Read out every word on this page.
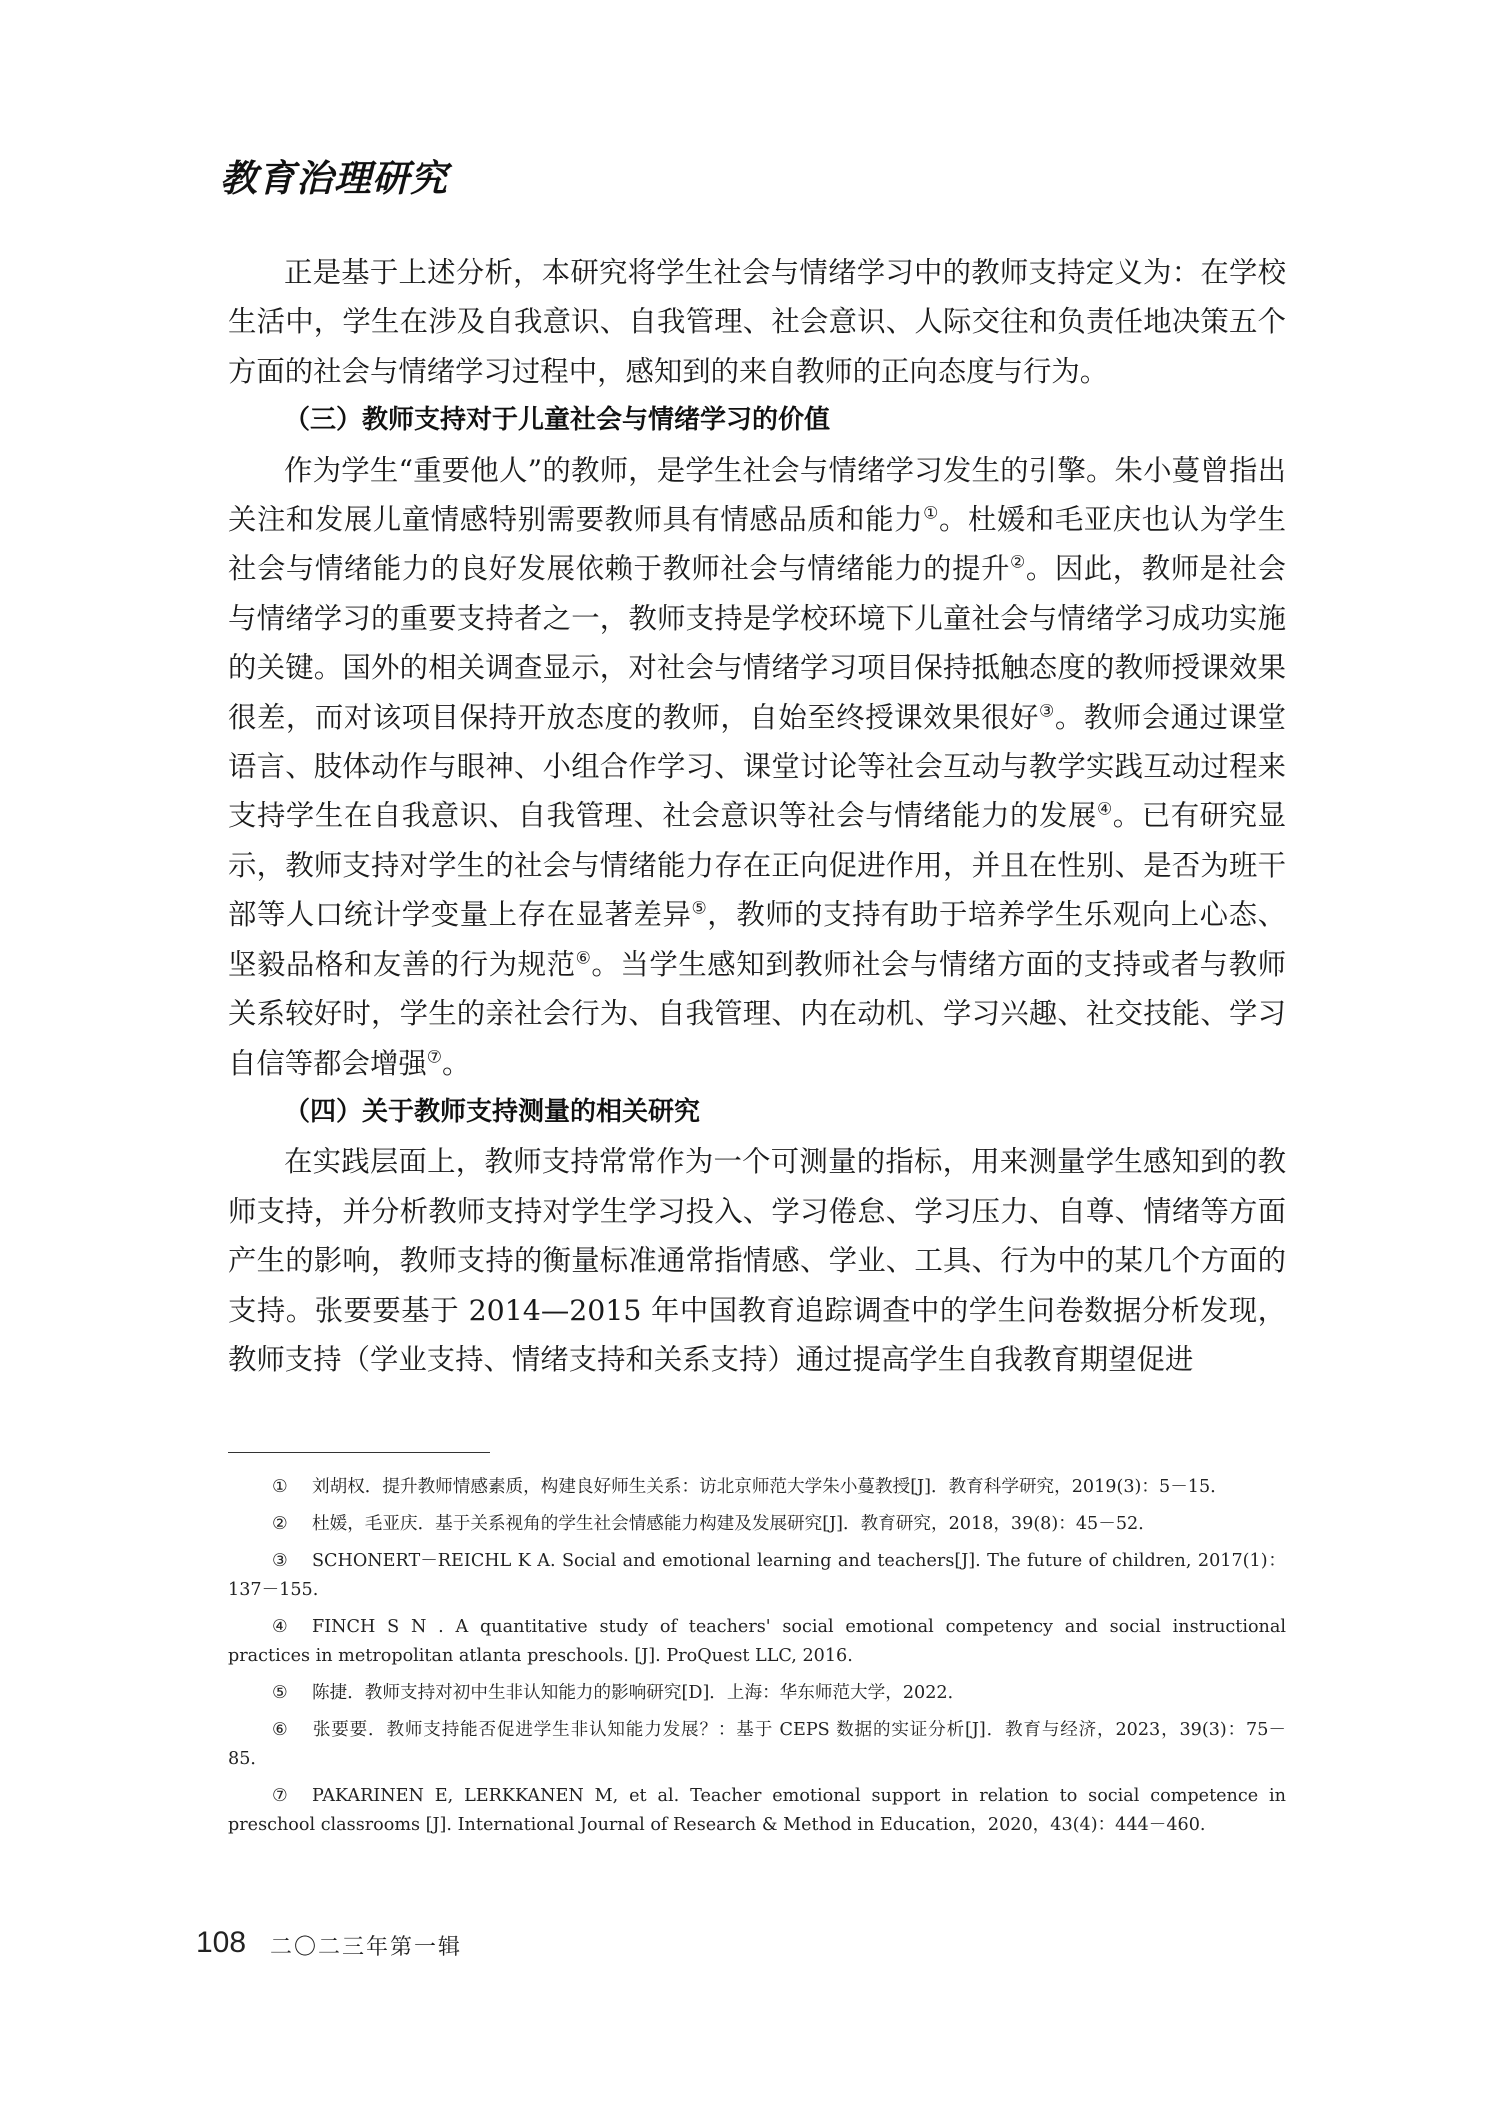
教育治理研究

正是基于上述分析，本研究将学生社会与情绪学习中的教师支持定义为：在学校生活中，学生在涉及自我意识、自我管理、社会意识、人际交往和负责任地决策五个方面的社会与情绪学习过程中，感知到的来自教师的正向态度与行为。

（三）教师支持对于儿童社会与情绪学习的价值

作为学生“重要他人”的教师，是学生社会与情绪学习发生的引擎。朱小蔓曾指出关注和发展儿童情感特别需要教师具有情感品质和能力①。杜媛和毛亚庆也认为学生社会与情绪能力的良好发展依赖于教师社会与情绪能力的提升②。因此，教师是社会与情绪学习的重要支持者之一，教师支持是学校环境下儿童社会与情绪学习成功实施的关键。国外的相关调查显示，对社会与情绪学习项目保持抵触态度的教师授课效果很差，而对该项目保持开放态度的教师，自始至终授课效果很好③。教师会通过课堂语言、肢体动作与眼神、小组合作学习、课堂讨论等社会互动与教学实践互动过程来支持学生在自我意识、自我管理、社会意识等社会与情绪能力的发展④。已有研究显示，教师支持对学生的社会与情绪能力存在正向促进作用，并且在性别、是否为班干部等人口统计学变量上存在显著差异⑤，教师的支持有助于培养学生乐观向上心态、坚毅品格和友善的行为规范⑥。当学生感知到教师社会与情绪方面的支持或者与教师关系较好时，学生的亲社会行为、自我管理、内在动机、学习兴趣、社交技能、学习自信等都会增强⑦。

（四）关于教师支持测量的相关研究

在实践层面上，教师支持常常作为一个可测量的指标，用来测量学生感知到的教师支持，并分析教师支持对学生学习投入、学习倦怠、学习压力、自尊、情绪等方面产生的影响，教师支持的衡量标准通常指情感、学业、工具、行为中的某几个方面的支持。张要要基于 2014—2015 年中国教育追踪调查中的学生问卷数据分析发现，教师支持（学业支持、情绪支持和关系支持）通过提高学生自我教育期望促进

① 刘胡权．提升教师情感素质，构建良好师生关系：访北京师范大学朱小蔓教授[J]．教育科学研究，2019(3)：5－15．

② 杜媛，毛亚庆．基于关系视角的学生社会情感能力构建及发展研究[J]．教育研究，2018，39(8)：45－52．

③ SCHONERT－REICHL K A. Social and emotional learning and teachers[J]. The future of children, 2017(1)：137－155.

④ FINCH S N . A quantitative study of teachers' social emotional competency and social instructional practices in metropolitan atlanta preschools. [J]. ProQuest LLC, 2016.

⑤ 陈捷．教师支持对初中生非认知能力的影响研究[D]．上海：华东师范大学，2022．

⑥ 张要要．教师支持能否促进学生非认知能力发展？：基于 CEPS 数据的实证分析[J]．教育与经济，2023，39(3)：75－85．

⑦ PAKARINEN E, LERKKANEN M, et al. Teacher emotional support in relation to social competence in preschool classrooms [J]. International Journal of Research & Method in Education，2020，43(4)：444－460.

108 二〇二三年第一辑
